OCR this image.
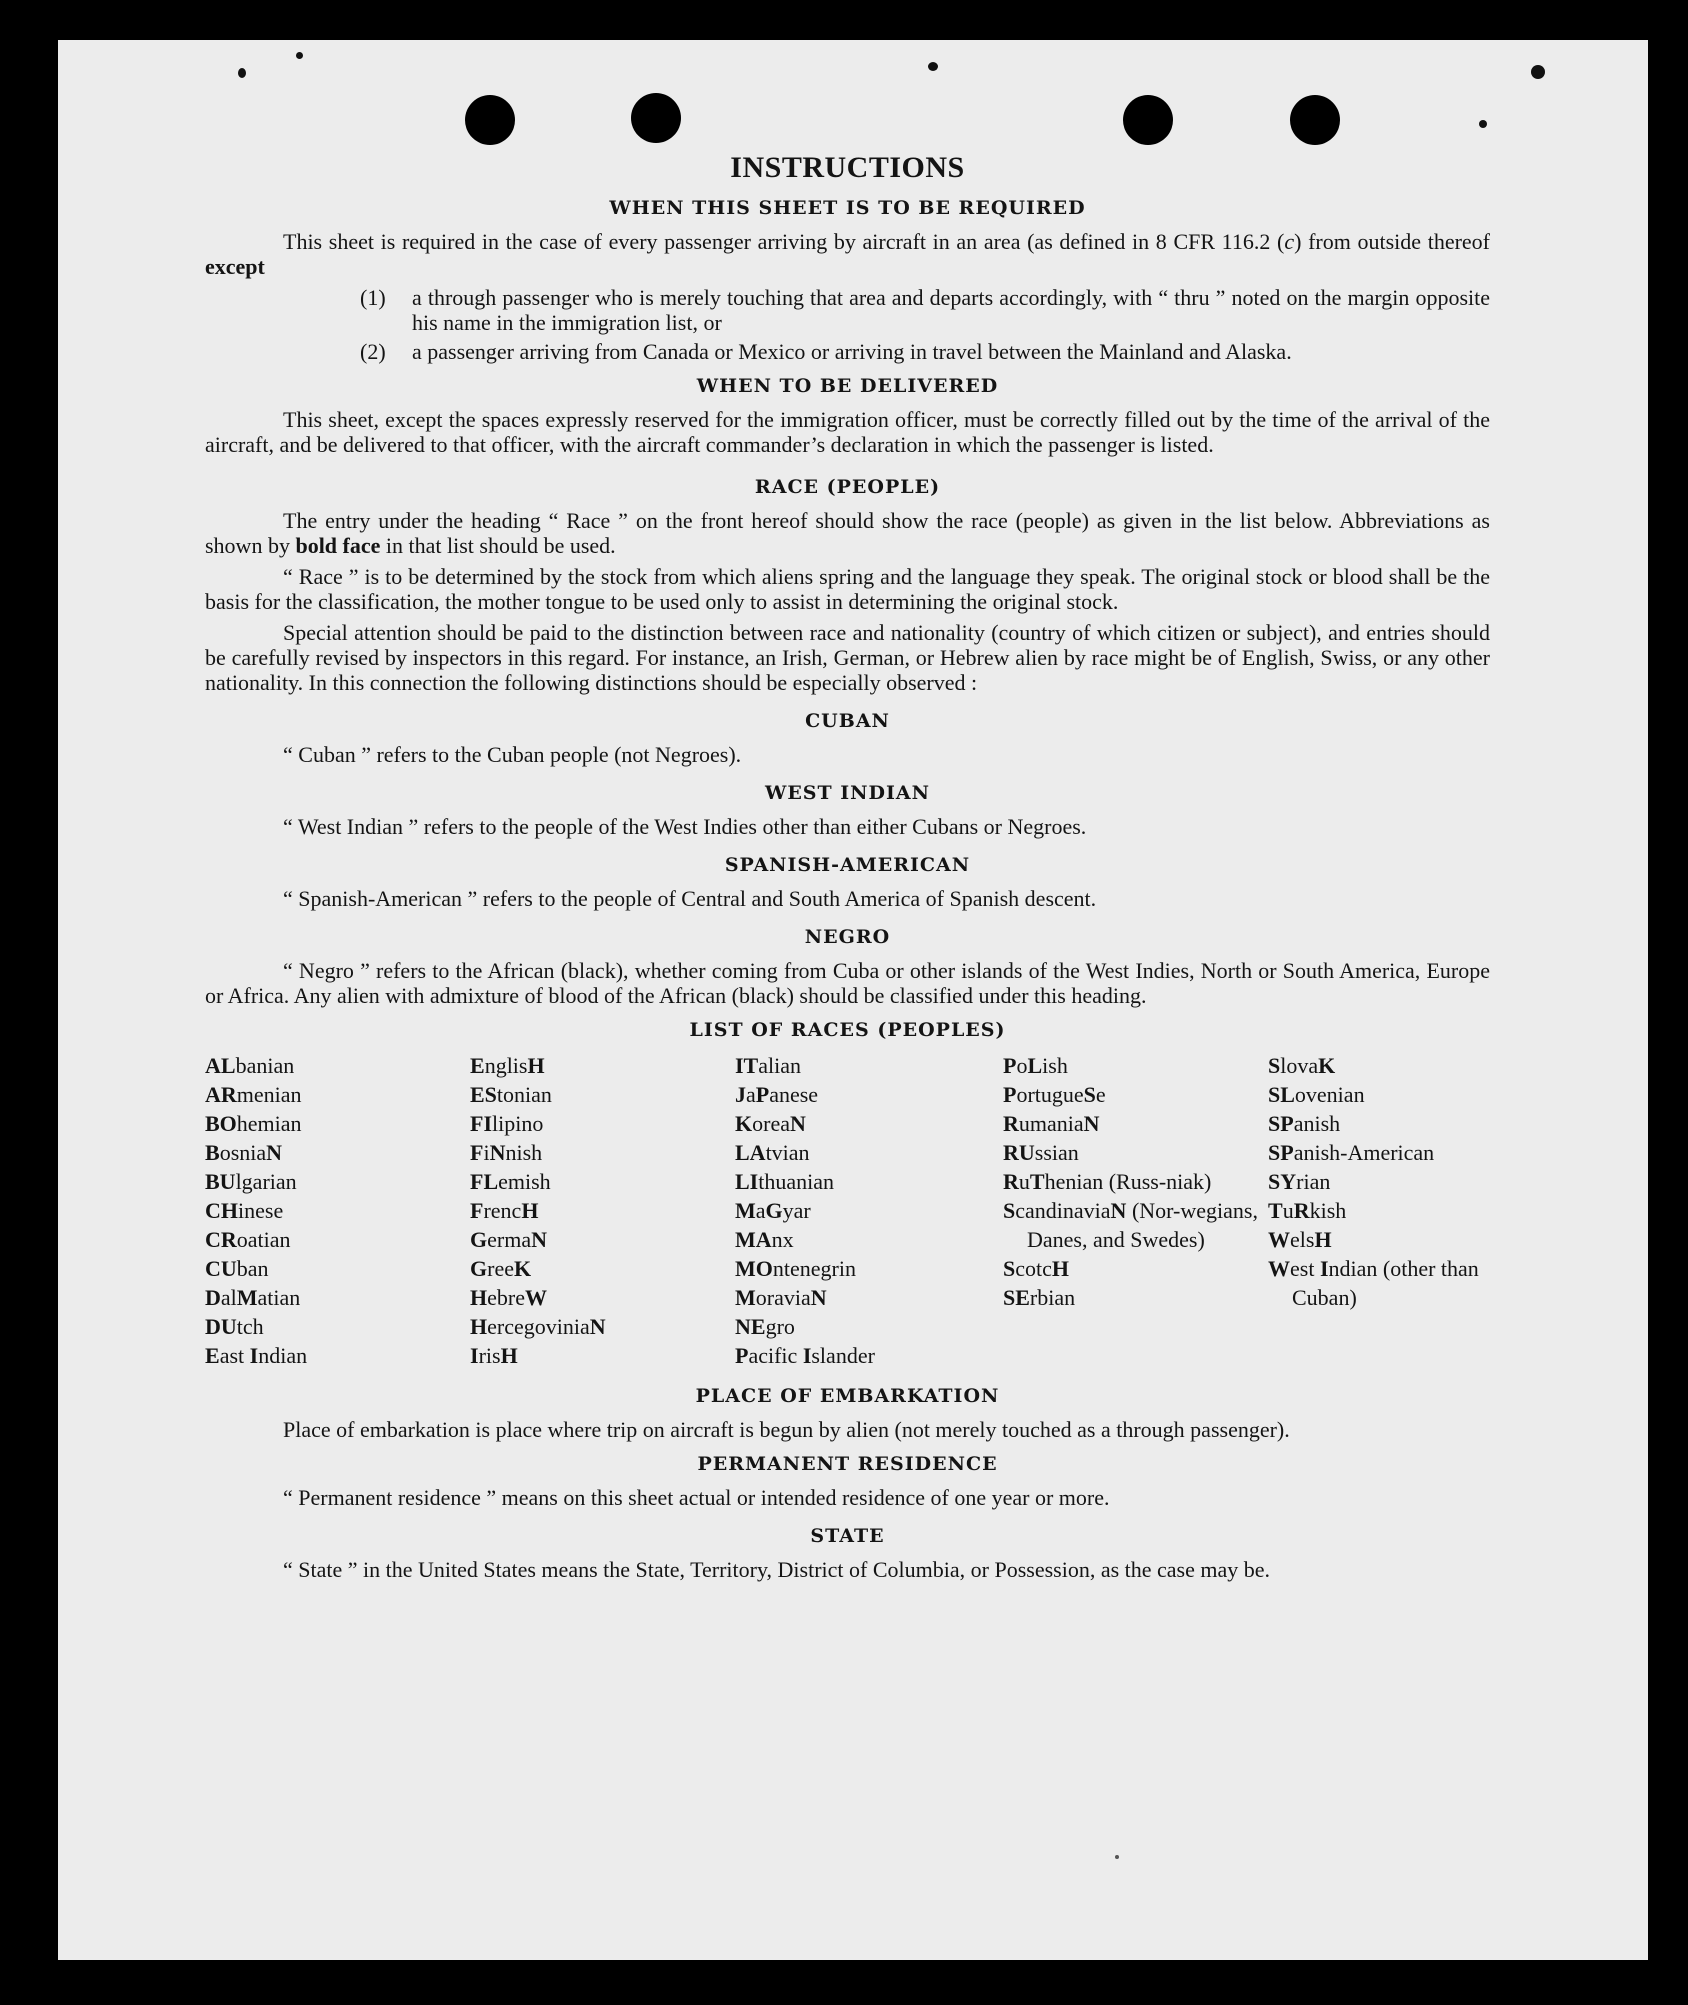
INSTRUCTIONS
WHEN THIS SHEET IS TO BE REQUIRED

This sheet is required in the case of every passenger arriving by aircraft in an area (as defined in 8 CFR 116.2 (c) from outside thereof except

(1)	a through passenger who is merely touching that area and departs accordingly, with “ thru ” noted on the margin opposite his name in the immigration list, or
(2)	a passenger arriving from Canada or Mexico or arriving in travel between the Mainland and Alaska.
WHEN TO BE DELIVERED

This sheet, except the spaces expressly reserved for the immigration officer, must be correctly filled out by the time of the arrival of the aircraft, and be delivered to that officer, with the aircraft commander’s declaration in which the passenger is listed.

RACE (PEOPLE)

The entry under the heading “ Race ” on the front hereof should show the race (people) as given in the list below. Abbreviations as shown by bold face in that list should be used.

“ Race ” is to be determined by the stock from which aliens spring and the language they speak. The original stock or blood shall be the basis for the classification, the mother tongue to be used only to assist in determining the original stock.

Special attention should be paid to the distinction between race and nationality (country of which citizen or subject), and entries should be carefully revised by inspectors in this regard. For instance, an Irish, German, or Hebrew alien by race might be of English, Swiss, or any other nationality. In this connection the following distinctions should be especially observed :

CUBAN

“ Cuban ” refers to the Cuban people (not Negroes).

WEST INDIAN

“ West Indian ” refers to the people of the West Indies other than either Cubans or Negroes.

SPANISH-AMERICAN

“ Spanish-American ” refers to the people of Central and South America of Spanish descent.

NEGRO

“ Negro ” refers to the African (black), whether coming from Cuba or other islands of the West Indies, North or South America, Europe or Africa. Any alien with admixture of blood of the African (black) should be classified under this heading.

LIST OF RACES (PEOPLES)
ALbanian
ARmenian
BOhemian
BosniaN
BUlgarian
CHinese
CRoatian
CUban
DalMatian
DUtch
East Indian
EnglisH
EStonian
FIlipino
FiNnish
FLemish
FrencH
GermaN
GreeK
HebreW
HercegoviniaN
IrisH
ITalian
JaPanese
KoreaN
LAtvian
LIthuanian
MaGyar
MAnx
MOntenegrin
MoraviaN
NEgro
Pacific Islander
PoLish
PortugueSe
RumaniaN
RUssian
RuThenian (Russ-niak)
ScandinaviaN (Nor-wegians, Danes, and Swedes)
ScotcH
SErbian
SlovaK
SLovenian
SPanish
SPanish-American
SYrian
TuRkish
WelsH
West Indian (other than Cuban)
PLACE OF EMBARKATION

Place of embarkation is place where trip on aircraft is begun by alien (not merely touched as a through passenger).

PERMANENT RESIDENCE

“ Permanent residence ” means on this sheet actual or intended residence of one year or more.

STATE

“ State ” in the United States means the State, Territory, District of Columbia, or Possession, as the case may be.
